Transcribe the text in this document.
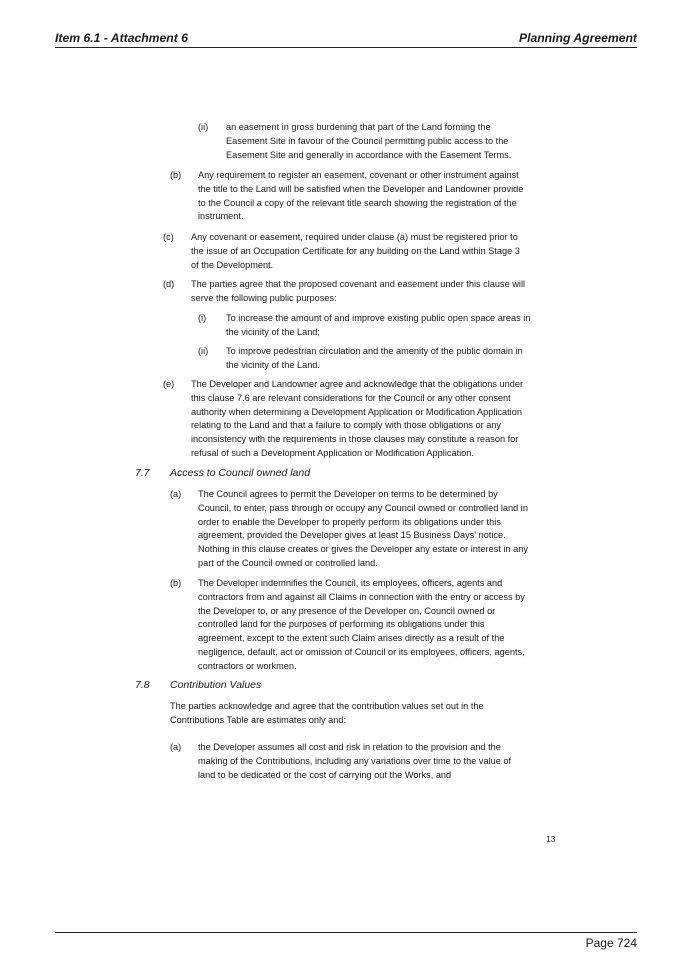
Item 6.1 - Attachment 6	Planning Agreement
(ii) an easement in gross burdening that part of the Land forming the
Easement Site in favour of the Council permitting public access to the
Easement Site and generally in accordance with the Easement Terms.
(b) Any requirement to register an easement, covenant or other instrument against
the title to the Land will be satisfied when the Developer and Landowner provide
to the Council a copy of the relevant title search showing the registration of the
instrument.
(c) Any covenant or easement, required under clause (a) must be registered prior to
the issue of an Occupation Certificate for any building on the Land within Stage 3
of the Development.
(d) The parties agree that the proposed covenant and easement under this clause will
serve the following public purposes:
(i) To increase the amount of and improve existing public open space areas in
the vicinity of the Land;
(ii) To improve pedestrian circulation and the amenity of the public domain in
the vicinity of the Land.
(e) The Developer and Landowner agree and acknowledge that the obligations under
this clause 7.6 are relevant considerations for the Council or any other consent
authority when determining a Development Application or Modification Application
relating to the Land and that a failure to comply with those obligations or any
inconsistency with the requirements in those clauses may constitute a reason for
refusal of such a Development Application or Modification Application.
7.7 Access to Council owned land
(a) The Council agrees to permit the Developer on terms to be determined by
Council, to enter, pass through or occupy any Council owned or controlled land in
order to enable the Developer to properly perform its obligations under this
agreement, provided the Developer gives at least 15 Business Days' notice.
Nothing in this clause creates or gives the Developer any estate or interest in any
part of the Council owned or controlled land.
(b) The Developer indemnifies the Council, its employees, officers, agents and
contractors from and against all Claims in connection with the entry or access by
the Developer to, or any presence of the Developer on, Council owned or
controlled land for the purposes of performing its obligations under this
agreement, except to the extent such Claim arises directly as a result of the
negligence, default, act or omission of Council or its employees, officers, agents,
contractors or workmen.
7.8 Contribution Values
The parties acknowledge and agree that the contribution values set out in the
Contributions Table are estimates only and:
(a) the Developer assumes all cost and risk in relation to the provision and the
making of the Contributions, including any variations over time to the value of
land to be dedicated or the cost of carrying out the Works, and
13
Page 724
